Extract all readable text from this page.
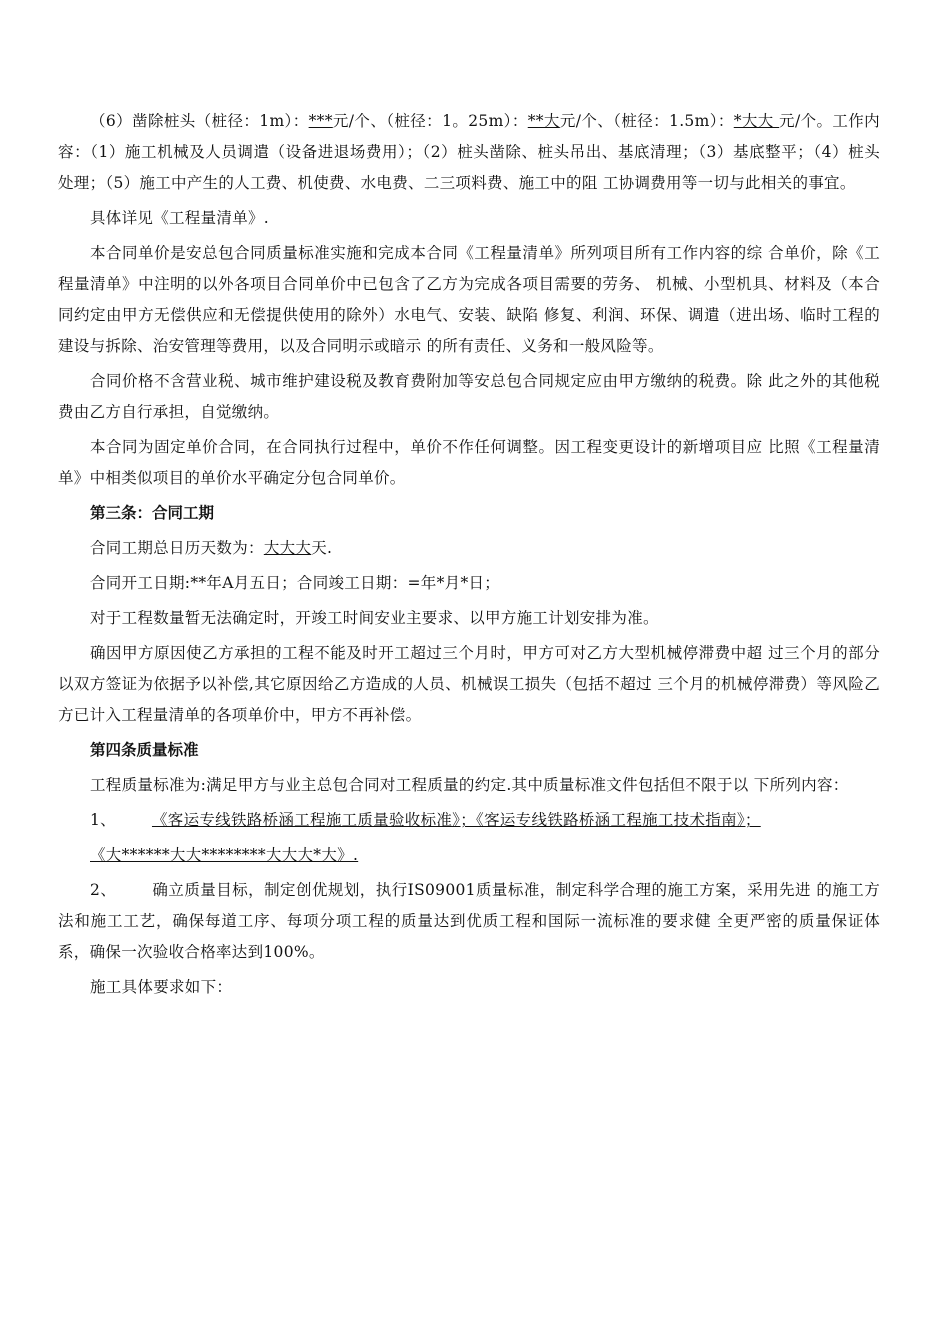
（6）凿除桩头（桩径：1m）：***元/个、（桩径：1。25m）：**大元/个、（桩径：1.5m）：*大大 元/个。工作内容：（1）施工机械及人员调遣（设备进退场费用）；（2）桩头凿除、桩头吊出、基底清理；（3）基底整平；（4）桩头处理；（5）施工中产生的人工费、机使费、水电费、二三项料费、施工中的阻 工协调费用等一切与此相关的事宜。

具体详见《工程量清单》.

本合同单价是安总包合同质量标准实施和完成本合同《工程量清单》所列项目所有工作内容的综 合单价，除《工程量清单》中注明的以外各项目合同单价中已包含了乙方为完成各项目需要的劳务、 机械、小型机具、材料及（本合同约定由甲方无偿供应和无偿提供使用的除外）水电气、安装、缺陷 修复、利润、环保、调遣（进出场、临时工程的建设与拆除、治安管理等费用，以及合同明示或暗示 的所有责任、义务和一般风险等。

合同价格不含营业税、城市维护建设税及教育费附加等安总包合同规定应由甲方缴纳的税费。除 此之外的其他税费由乙方自行承担，自觉缴纳。

本合同为固定单价合同，在合同执行过程中，单价不作任何调整。因工程变更设计的新增项目应 比照《工程量清单》中相类似项目的单价水平确定分包合同单价。

第三条：合同工期

合同工期总日历天数为：大大大天.

合同开工日期:**年A月五日；合同竣工日期：=年*月*日；

对于工程数量暂无法确定时，开竣工时间安业主要求、以甲方施工计划安排为准。

确因甲方原因使乙方承担的工程不能及时开工超过三个月时，甲方可对乙方大型机械停滞费中超 过三个月的部分以双方签证为依据予以补偿,其它原因给乙方造成的人员、机械误工损失（包括不超过 三个月的机械停滞费）等风险乙方已计入工程量清单的各项单价中，甲方不再补偿。

第四条质量标准

工程质量标准为:满足甲方与业主总包合同对工程质量的约定.其中质量标准文件包括但不限于以 下所列内容：

1、 《客运专线铁路桥涵工程施工质量验收标准》；《客运专线铁路桥涵工程施工技术指南》；

《大******大大********大大大*大》.

2、 确立质量目标，制定创优规划，执行IS09001质量标准，制定科学合理的施工方案，采用先进 的施工方法和施工工艺，确保每道工序、每项分项工程的质量达到优质工程和国际一流标准的要求健 全更严密的质量保证体系，确保一次验收合格率达到100%。

施工具体要求如下：
